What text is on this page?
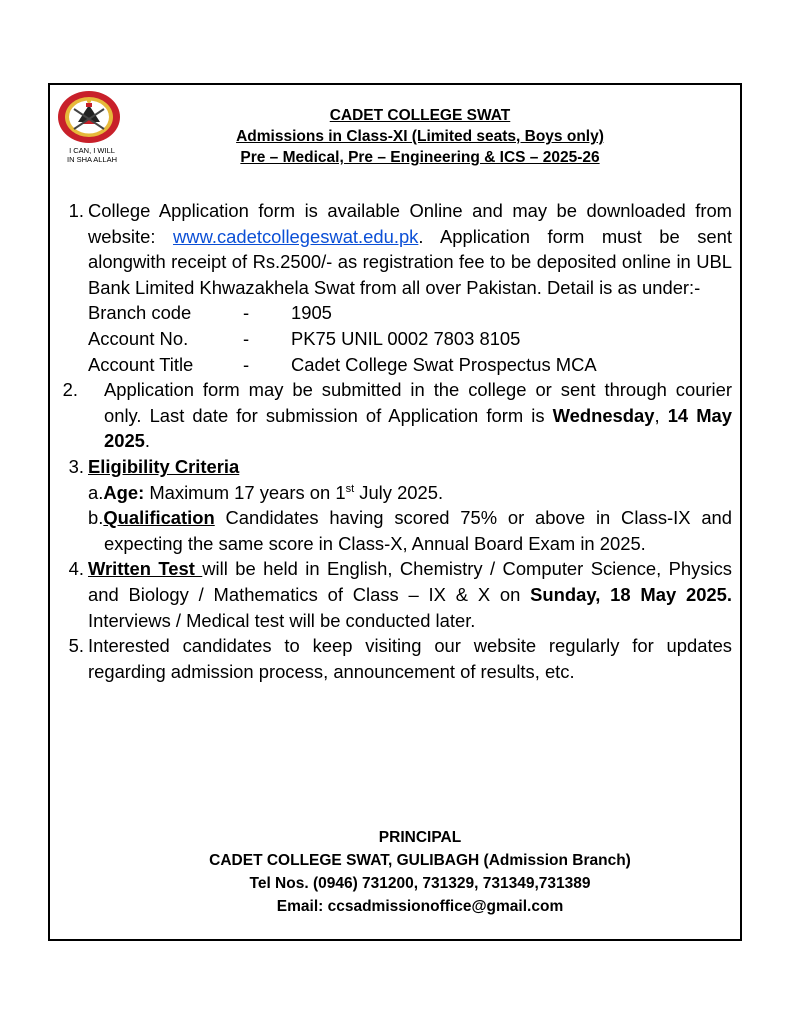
I CAN, I WILL
IN SHA ALLAH
CADET COLLEGE SWAT
Admissions in Class-XI (Limited seats, Boys only)
Pre – Medical, Pre – Engineering & ICS – 2025-26
1. College Application form is available Online and may be downloaded from website: www.cadetcollegeswat.edu.pk. Application form must be sent alongwith receipt of Rs.2500/- as registration fee to be deposited online in UBL Bank Limited Khwazakhela Swat from all over Pakistan. Detail is as under:-
Branch code	-	1905
Account No.	-	PK75 UNIL 0002 7803 8105
Account Title	-	Cadet College Swat Prospectus MCA
2. Application form may be submitted in the college or sent through courier only. Last date for submission of Application form is Wednesday, 14 May 2025.
3. Eligibility Criteria
a.Age: Maximum 17 years on 1st July 2025.
b.Qualification Candidates having scored 75% or above in Class-IX and expecting the same score in Class-X, Annual Board Exam in 2025.
4. Written Test will be held in English, Chemistry / Computer Science, Physics and Biology / Mathematics of Class – IX & X on Sunday, 18 May 2025. Interviews / Medical test will be conducted later.
5. Interested candidates to keep visiting our website regularly for updates regarding admission process, announcement of results, etc.
PRINCIPAL
CADET COLLEGE SWAT, GULIBAGH (Admission Branch)
Tel Nos. (0946) 731200, 731329, 731349,731389
Email: ccsadmissionoffice@gmail.com
